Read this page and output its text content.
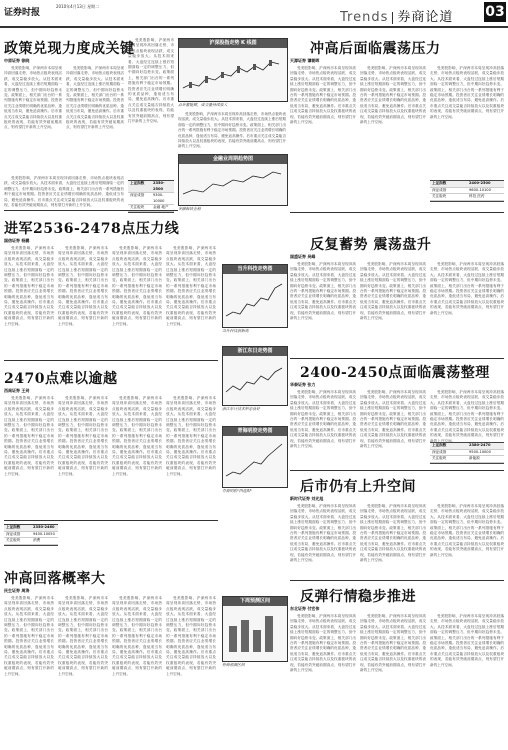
证券时报
2010年4月13日 星期二
Trends 券商论道 03
政策兑现力度成关键
中原证券 徐晓

受美股影响，沪深两市本周呈现冲高回落走势，市场热点板块表现活跃，成交量稳步放大。从技术面来看，大盘经过连续上涨后短期面临一定的调整压力，但中期向好趋势未变。政策面上，相关部门出台的一系列措施有利于稳定市场预期。投资者应关注业绩增长明确的优质品种，逢低适当布局，避免追高操作。后市重点关注成交量能否持续放大以及权重板块的表现，若能有效突破前期高点，则有望打开新的上升空间。

受美股影响，沪深两市本周呈现冲高回落走势，市场热点板块表现活跃，成交量稳步放大。从技术面来看，大盘经过连续上涨后短期面临一定的调整压力，但中期向好趋势未变。政策面上，相关部门出台的一系列措施有利于稳定市场预期。投资者应关注业绩增长明确的优质品种，逢低适当布局，避免追高操作。后市重点关注成交量能否持续放大以及权重板块的表现，若能有效突破前期高点，则有望打开新的上升空间。

受美股影响，沪深两市本周呈现冲高回落走势，市场热点板块表现活跃，成交量稳步放大。从技术面来看，大盘经过连续上涨后短期面临一定的调整压力，但中期向好趋势未变。政策面上，相关部门出台的一系列措施有利于稳定市场预期。投资者应关注业绩增长明确的优质品种，逢低适当布局，避免追高操作。后市重点关注成交量能否持续放大以及权重板块的表现，若能有效突破前期高点，则有望打开新的上升空间。

上证指数	2350-2500
深证成指	9300-10000
关注板块	金融 地产

受美股影响，沪深两市本周呈现冲高回落走势，市场热点板块表现活跃，成交量稳步放大。从技术面来看，大盘经过连续上涨后短期面临一定的调整压力，但中期向好趋势未变。政策面上，相关部门出台的一系列措施有利于稳定市场预期。投资者应关注业绩增长明确的优质品种，逢低适当布局，避免追高操作。后市重点关注成交量能否持续放大以及权重板块的表现，若能有效突破前期高点，则有望打开新的上升空间。

沪深股指走势 K 线图
点金蓄能期，成交量持续放大

受美股影响，沪深两市本周呈现冲高回落走势，市场热点板块表现活跃，成交量稳步放大。从技术面来看，大盘经过连续上涨后短期面临一定的调整压力，但中期向好趋势未变。政策面上，相关部门出台的一系列措施有利于稳定市场预期。投资者应关注业绩增长明确的优质品种，逢低适当布局，避免追高操作。后市重点关注成交量能否持续放大以及权重板块的表现，若能有效突破前期高点，则有望打开新的上升空间。

金融业周期趋势图
金融板块企稳
冲高后面临震荡压力
天源证券 谭朝晖

受美股影响，沪深两市本周呈现冲高回落走势，市场热点板块表现活跃，成交量稳步放大。从技术面来看，大盘经过连续上涨后短期面临一定的调整压力，但中期向好趋势未变。政策面上，相关部门出台的一系列措施有利于稳定市场预期。投资者应关注业绩增长明确的优质品种，逢低适当布局，避免追高操作。后市重点关注成交量能否持续放大以及权重板块的表现，若能有效突破前期高点，则有望打开新的上升空间。

受美股影响，沪深两市本周呈现冲高回落走势，市场热点板块表现活跃，成交量稳步放大。从技术面来看，大盘经过连续上涨后短期面临一定的调整压力，但中期向好趋势未变。政策面上，相关部门出台的一系列措施有利于稳定市场预期。投资者应关注业绩增长明确的优质品种，逢低适当布局，避免追高操作。后市重点关注成交量能否持续放大以及权重板块的表现，若能有效突破前期高点，则有望打开新的上升空间。

受美股影响，沪深两市本周呈现冲高回落走势，市场热点板块表现活跃，成交量稳步放大。从技术面来看，大盘经过连续上涨后短期面临一定的调整压力，但中期向好趋势未变。政策面上，相关部门出台的一系列措施有利于稳定市场预期。投资者应关注业绩增长明确的优质品种，逢低适当布局，避免追高操作。后市重点关注成交量能否持续放大以及权重板块的表现，若能有效突破前期高点，则有望打开新的上升空间。

上证指数	2400-2500
深证成指	9600-10100
关注板块	科技 医药
进军2536-2478点压力线
国信证券 杨鹏

受美股影响，沪深两市本周呈现冲高回落走势，市场热点板块表现活跃，成交量稳步放大。从技术面来看，大盘经过连续上涨后短期面临一定的调整压力，但中期向好趋势未变。政策面上，相关部门出台的一系列措施有利于稳定市场预期。投资者应关注业绩增长明确的优质品种，逢低适当布局，避免追高操作。后市重点关注成交量能否持续放大以及权重板块的表现，若能有效突破前期高点，则有望打开新的上升空间。

受美股影响，沪深两市本周呈现冲高回落走势，市场热点板块表现活跃，成交量稳步放大。从技术面来看，大盘经过连续上涨后短期面临一定的调整压力，但中期向好趋势未变。政策面上，相关部门出台的一系列措施有利于稳定市场预期。投资者应关注业绩增长明确的优质品种，逢低适当布局，避免追高操作。后市重点关注成交量能否持续放大以及权重板块的表现，若能有效突破前期高点，则有望打开新的上升空间。

受美股影响，沪深两市本周呈现冲高回落走势，市场热点板块表现活跃，成交量稳步放大。从技术面来看，大盘经过连续上涨后短期面临一定的调整压力，但中期向好趋势未变。政策面上，相关部门出台的一系列措施有利于稳定市场预期。投资者应关注业绩增长明确的优质品种，逢低适当布局，避免追高操作。后市重点关注成交量能否持续放大以及权重板块的表现，若能有效突破前期高点，则有望打开新的上升空间。

受美股影响，沪深两市本周呈现冲高回落走势，市场热点板块表现活跃，成交量稳步放大。从技术面来看，大盘经过连续上涨后短期面临一定的调整压力，但中期向好趋势未变。政策面上，相关部门出台的一系列措施有利于稳定市场预期。投资者应关注业绩增长明确的优质品种，逢低适当布局，避免追高操作。后市重点关注成交量能否持续放大以及权重板块的表现，若能有效突破前期高点，则有望打开新的上升空间。

当升科技走势图
当升科技创新高
反复蓄势 震荡盘升
国盛证券 吴峰

受美股影响，沪深两市本周呈现冲高回落走势，市场热点板块表现活跃，成交量稳步放大。从技术面来看，大盘经过连续上涨后短期面临一定的调整压力，但中期向好趋势未变。政策面上，相关部门出台的一系列措施有利于稳定市场预期。投资者应关注业绩增长明确的优质品种，逢低适当布局，避免追高操作。后市重点关注成交量能否持续放大以及权重板块的表现，若能有效突破前期高点，则有望打开新的上升空间。

受美股影响，沪深两市本周呈现冲高回落走势，市场热点板块表现活跃，成交量稳步放大。从技术面来看，大盘经过连续上涨后短期面临一定的调整压力，但中期向好趋势未变。政策面上，相关部门出台的一系列措施有利于稳定市场预期。投资者应关注业绩增长明确的优质品种，逢低适当布局，避免追高操作。后市重点关注成交量能否持续放大以及权重板块的表现，若能有效突破前期高点，则有望打开新的上升空间。

受美股影响，沪深两市本周呈现冲高回落走势，市场热点板块表现活跃，成交量稳步放大。从技术面来看，大盘经过连续上涨后短期面临一定的调整压力，但中期向好趋势未变。政策面上，相关部门出台的一系列措施有利于稳定市场预期。投资者应关注业绩增长明确的优质品种，逢低适当布局，避免追高操作。后市重点关注成交量能否持续放大以及权重板块的表现，若能有效突破前期高点，则有望打开新的上升空间。

浙江东日走势图
浙江东日技术形态良好
2400-2450点面临震荡整理
华泰证券 张力

受美股影响，沪深两市本周呈现冲高回落走势，市场热点板块表现活跃，成交量稳步放大。从技术面来看，大盘经过连续上涨后短期面临一定的调整压力，但中期向好趋势未变。政策面上，相关部门出台的一系列措施有利于稳定市场预期。投资者应关注业绩增长明确的优质品种，逢低适当布局，避免追高操作。后市重点关注成交量能否持续放大以及权重板块的表现，若能有效突破前期高点，则有望打开新的上升空间。

受美股影响，沪深两市本周呈现冲高回落走势，市场热点板块表现活跃，成交量稳步放大。从技术面来看，大盘经过连续上涨后短期面临一定的调整压力，但中期向好趋势未变。政策面上，相关部门出台的一系列措施有利于稳定市场预期。投资者应关注业绩增长明确的优质品种，逢低适当布局，避免追高操作。后市重点关注成交量能否持续放大以及权重板块的表现，若能有效突破前期高点，则有望打开新的上升空间。

受美股影响，沪深两市本周呈现冲高回落走势，市场热点板块表现活跃，成交量稳步放大。从技术面来看，大盘经过连续上涨后短期面临一定的调整压力，但中期向好趋势未变。政策面上，相关部门出台的一系列措施有利于稳定市场预期。投资者应关注业绩增长明确的优质品种，逢低适当布局，避免追高操作。后市重点关注成交量能否持续放大以及权重板块的表现，若能有效突破前期高点，则有望打开新的上升空间。

上证指数	2380-2470
深证成指	9500-10000
关注板块	新能源
2470点难以逾越
西南证券 王剑

受美股影响，沪深两市本周呈现冲高回落走势，市场热点板块表现活跃，成交量稳步放大。从技术面来看，大盘经过连续上涨后短期面临一定的调整压力，但中期向好趋势未变。政策面上，相关部门出台的一系列措施有利于稳定市场预期。投资者应关注业绩增长明确的优质品种，逢低适当布局，避免追高操作。后市重点关注成交量能否持续放大以及权重板块的表现，若能有效突破前期高点，则有望打开新的上升空间。

受美股影响，沪深两市本周呈现冲高回落走势，市场热点板块表现活跃，成交量稳步放大。从技术面来看，大盘经过连续上涨后短期面临一定的调整压力，但中期向好趋势未变。政策面上，相关部门出台的一系列措施有利于稳定市场预期。投资者应关注业绩增长明确的优质品种，逢低适当布局，避免追高操作。后市重点关注成交量能否持续放大以及权重板块的表现，若能有效突破前期高点，则有望打开新的上升空间。

受美股影响，沪深两市本周呈现冲高回落走势，市场热点板块表现活跃，成交量稳步放大。从技术面来看，大盘经过连续上涨后短期面临一定的调整压力，但中期向好趋势未变。政策面上，相关部门出台的一系列措施有利于稳定市场预期。投资者应关注业绩增长明确的优质品种，逢低适当布局，避免追高操作。后市重点关注成交量能否持续放大以及权重板块的表现，若能有效突破前期高点，则有望打开新的上升空间。

受美股影响，沪深两市本周呈现冲高回落走势，市场热点板块表现活跃，成交量稳步放大。从技术面来看，大盘经过连续上涨后短期面临一定的调整压力，但中期向好趋势未变。政策面上，相关部门出台的一系列措施有利于稳定市场预期。投资者应关注业绩增长明确的优质品种，逢低适当布局，避免追高操作。后市重点关注成交量能否持续放大以及权重板块的表现，若能有效突破前期高点，则有望打开新的上升空间。

青海明胶走势图
青海明胶"四连阳"	后市仍有上升空间
新时代证券 刘光旭

受美股影响，沪深两市本周呈现冲高回落走势，市场热点板块表现活跃，成交量稳步放大。从技术面来看，大盘经过连续上涨后短期面临一定的调整压力，但中期向好趋势未变。政策面上，相关部门出台的一系列措施有利于稳定市场预期。投资者应关注业绩增长明确的优质品种，逢低适当布局，避免追高操作。后市重点关注成交量能否持续放大以及权重板块的表现，若能有效突破前期高点，则有望打开新的上升空间。

受美股影响，沪深两市本周呈现冲高回落走势，市场热点板块表现活跃，成交量稳步放大。从技术面来看，大盘经过连续上涨后短期面临一定的调整压力，但中期向好趋势未变。政策面上，相关部门出台的一系列措施有利于稳定市场预期。投资者应关注业绩增长明确的优质品种，逢低适当布局，避免追高操作。后市重点关注成交量能否持续放大以及权重板块的表现，若能有效突破前期高点，则有望打开新的上升空间。

受美股影响，沪深两市本周呈现冲高回落走势，市场热点板块表现活跃，成交量稳步放大。从技术面来看，大盘经过连续上涨后短期面临一定的调整压力，但中期向好趋势未变。政策面上，相关部门出台的一系列措施有利于稳定市场预期。投资者应关注业绩增长明确的优质品种，逢低适当布局，避免追高操作。后市重点关注成交量能否持续放大以及权重板块的表现，若能有效突破前期高点，则有望打开新的上升空间。

上证指数	2350-2460
深证成指	9400-10050
关注板块	消费
冲高回落概率大
民生证券 周涛

受美股影响，沪深两市本周呈现冲高回落走势，市场热点板块表现活跃，成交量稳步放大。从技术面来看，大盘经过连续上涨后短期面临一定的调整压力，但中期向好趋势未变。政策面上，相关部门出台的一系列措施有利于稳定市场预期。投资者应关注业绩增长明确的优质品种，逢低适当布局，避免追高操作。后市重点关注成交量能否持续放大以及权重板块的表现，若能有效突破前期高点，则有望打开新的上升空间。

受美股影响，沪深两市本周呈现冲高回落走势，市场热点板块表现活跃，成交量稳步放大。从技术面来看，大盘经过连续上涨后短期面临一定的调整压力，但中期向好趋势未变。政策面上，相关部门出台的一系列措施有利于稳定市场预期。投资者应关注业绩增长明确的优质品种，逢低适当布局，避免追高操作。后市重点关注成交量能否持续放大以及权重板块的表现，若能有效突破前期高点，则有望打开新的上升空间。

受美股影响，沪深两市本周呈现冲高回落走势，市场热点板块表现活跃，成交量稳步放大。从技术面来看，大盘经过连续上涨后短期面临一定的调整压力，但中期向好趋势未变。政策面上，相关部门出台的一系列措施有利于稳定市场预期。投资者应关注业绩增长明确的优质品种，逢低适当布局，避免追高操作。后市重点关注成交量能否持续放大以及权重板块的表现，若能有效突破前期高点，则有望打开新的上升空间。

受美股影响，沪深两市本周呈现冲高回落走势，市场热点板块表现活跃，成交量稳步放大。从技术面来看，大盘经过连续上涨后短期面临一定的调整压力，但中期向好趋势未变。政策面上，相关部门出台的一系列措施有利于稳定市场预期。投资者应关注业绩增长明确的优质品种，逢低适当布局，避免追高操作。后市重点关注成交量能否持续放大以及权重板块的表现，若能有效突破前期高点，则有望打开新的上升空间。

下周预测区间
券商预测区间
反弹行情稳步推进
东北证券 付宏伟

受美股影响，沪深两市本周呈现冲高回落走势，市场热点板块表现活跃，成交量稳步放大。从技术面来看，大盘经过连续上涨后短期面临一定的调整压力，但中期向好趋势未变。政策面上，相关部门出台的一系列措施有利于稳定市场预期。投资者应关注业绩增长明确的优质品种，逢低适当布局，避免追高操作。后市重点关注成交量能否持续放大以及权重板块的表现，若能有效突破前期高点，则有望打开新的上升空间。

受美股影响，沪深两市本周呈现冲高回落走势，市场热点板块表现活跃，成交量稳步放大。从技术面来看，大盘经过连续上涨后短期面临一定的调整压力，但中期向好趋势未变。政策面上，相关部门出台的一系列措施有利于稳定市场预期。投资者应关注业绩增长明确的优质品种，逢低适当布局，避免追高操作。后市重点关注成交量能否持续放大以及权重板块的表现，若能有效突破前期高点，则有望打开新的上升空间。

受美股影响，沪深两市本周呈现冲高回落走势，市场热点板块表现活跃，成交量稳步放大。从技术面来看，大盘经过连续上涨后短期面临一定的调整压力，但中期向好趋势未变。政策面上，相关部门出台的一系列措施有利于稳定市场预期。投资者应关注业绩增长明确的优质品种，逢低适当布局，避免追高操作。后市重点关注成交量能否持续放大以及权重板块的表现，若能有效突破前期高点，则有望打开新的上升空间。
